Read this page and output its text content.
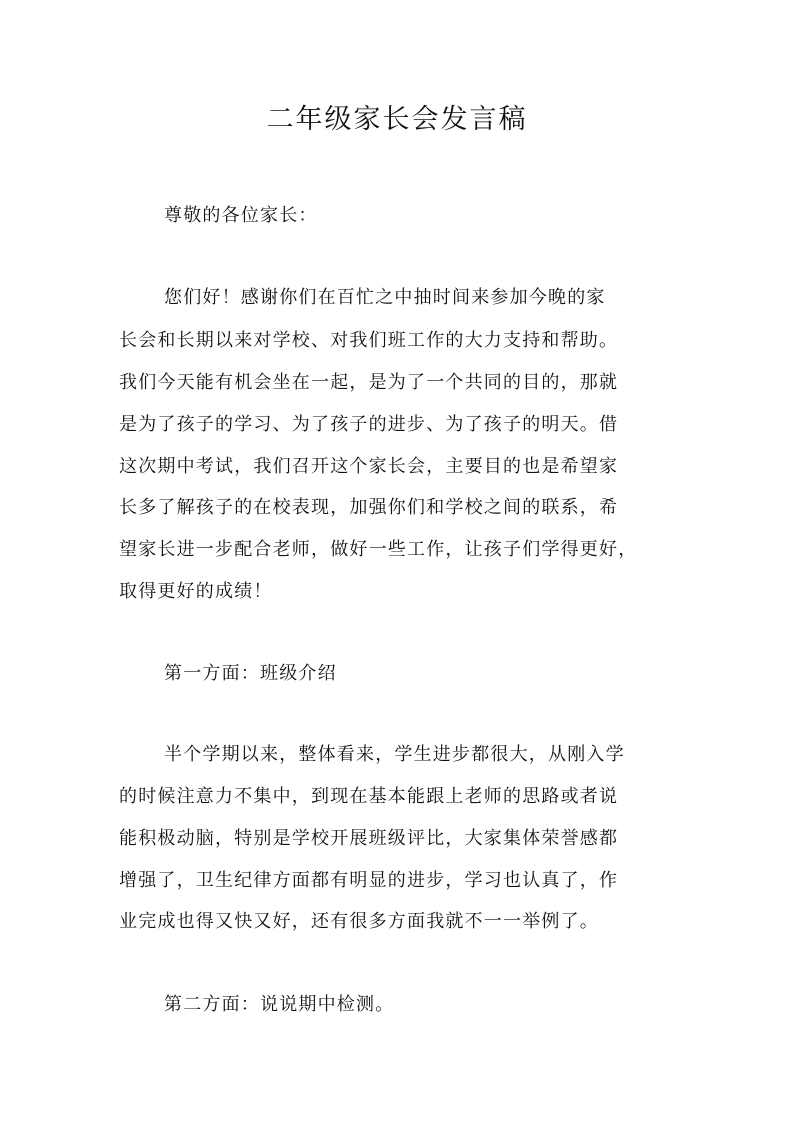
二年级家长会发言稿
尊敬的各位家长：
您们好！感谢你们在百忙之中抽时间来参加今晚的家
长会和长期以来对学校、对我们班工作的大力支持和帮助。
我们今天能有机会坐在一起，是为了一个共同的目的，那就
是为了孩子的学习、为了孩子的进步、为了孩子的明天。借
这次期中考试，我们召开这个家长会，主要目的也是希望家
长多了解孩子的在校表现，加强你们和学校之间的联系，希
望家长进一步配合老师，做好一些工作，让孩子们学得更好，
取得更好的成绩！
第一方面：班级介绍
半个学期以来，整体看来，学生进步都很大，从刚入学
的时候注意力不集中，到现在基本能跟上老师的思路或者说
能积极动脑，特别是学校开展班级评比，大家集体荣誉感都
增强了，卫生纪律方面都有明显的进步，学习也认真了，作
业完成也得又快又好，还有很多方面我就不一一举例了。
第二方面：说说期中检测。
